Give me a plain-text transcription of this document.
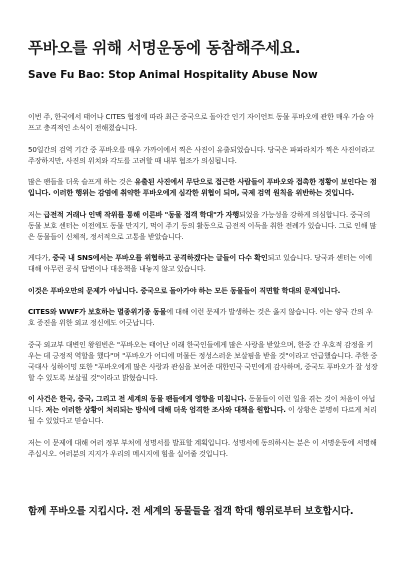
푸바오를 위해 서명운동에 동참해주세요.
Save Fu Bao: Stop Animal Hospitality Abuse Now

이번 주, 한국에서 태어나 CITES 협정에 따라 최근 중국으로 돌아간 인기 자이언트 동물 푸바오에 관한 매우 가슴 아프고 충격적인 소식이 전해졌습니다.

50일간의 검역 기간 중 푸바오를 매우 가까이에서 찍은 사진이 유출되었습니다. 당국은 파파라치가 찍은 사진이라고 주장하지만, 사진의 위치와 각도를 고려할 때 내부 협조가 의심됩니다.

많은 팬들을 더욱 슬프게 하는 것은 유출된 사진에서 무단으로 접근한 사람들이 푸바오와 접촉한 정황이 보인다는 점입니다. 이러한 행위는 감염에 취약한 푸바오에게 심각한 위협이 되며, 국제 검역 원칙을 위반하는 것입니다.

저는 급전적 거래나 인맥 작위를 통해 이른바 "동물 접객 학대"가 자행되었을 가능성을 강하게 의심합니다. 중국의 동물 보호 센터는 이전에도 동물 만지기, 먹이 주기 등의 활동으로 금전적 이득을 취한 전례가 있습니다. 그로 인해 많은 동물들이 신체적, 정서적으로 고통을 받았습니다.

게다가, 중국 내 SNS에서는 푸바오를 위협하고 공격하겠다는 글들이 다수 확인되고 있습니다. 당국과 센터는 이에 대해 아무런 공식 답변이나 대응책을 내놓지 않고 있습니다.

이것은 푸바오만의 문제가 아닙니다. 중국으로 돌아가야 하는 모든 동물들이 직면할 학대의 문제입니다.

CITES와 WWF가 보호하는 멸종위기종 동물에 대해 이런 문제가 발생하는 것은 옳지 않습니다. 이는 양국 간의 우호 증진을 위한 외교 정신에도 어긋납니다.

중국 외교부 대변인 왕원빈은 "푸바오는 태어난 이래 한국인들에게 많은 사랑을 받았으며, 한중 간 우호적 감정을 키우는 데 긍정적 역할을 했다"며 "푸바오가 어디에 머물든 정성스러운 보살핌을 받을 것"이라고 언급했습니다. 주한 중국대사 싱하이밍 또한 "푸바오에게 많은 사랑과 관심을 보여준 대한민국 국민에게 감사하며, 중국도 푸바오가 잘 성장할 수 있도록 보살필 것"이라고 밝혔습니다.

이 사건은 한국, 중국, 그리고 전 세계의 동물 팬들에게 영향을 미칩니다. 동물들이 이런 일을 겪는 것이 처음이 아닙니다. 저는 이러한 상황이 처리되는 방식에 대해 더욱 엄격한 조사와 대책을 원합니다. 이 상황은 분명히 다르게 처리될 수 있었다고 믿습니다.

저는 이 문제에 대해 여러 정부 부처에 성명서를 발표할 계획입니다. 성명서에 동의하시는 분은 이 서명운동에 서명해 주십시오. 여러분의 지지가 우리의 메시지에 힘을 실어줄 것입니다.

함께 푸바오를 지킵시다. 전 세계의 동물들을 접객 학대 행위로부터 보호합시다.
